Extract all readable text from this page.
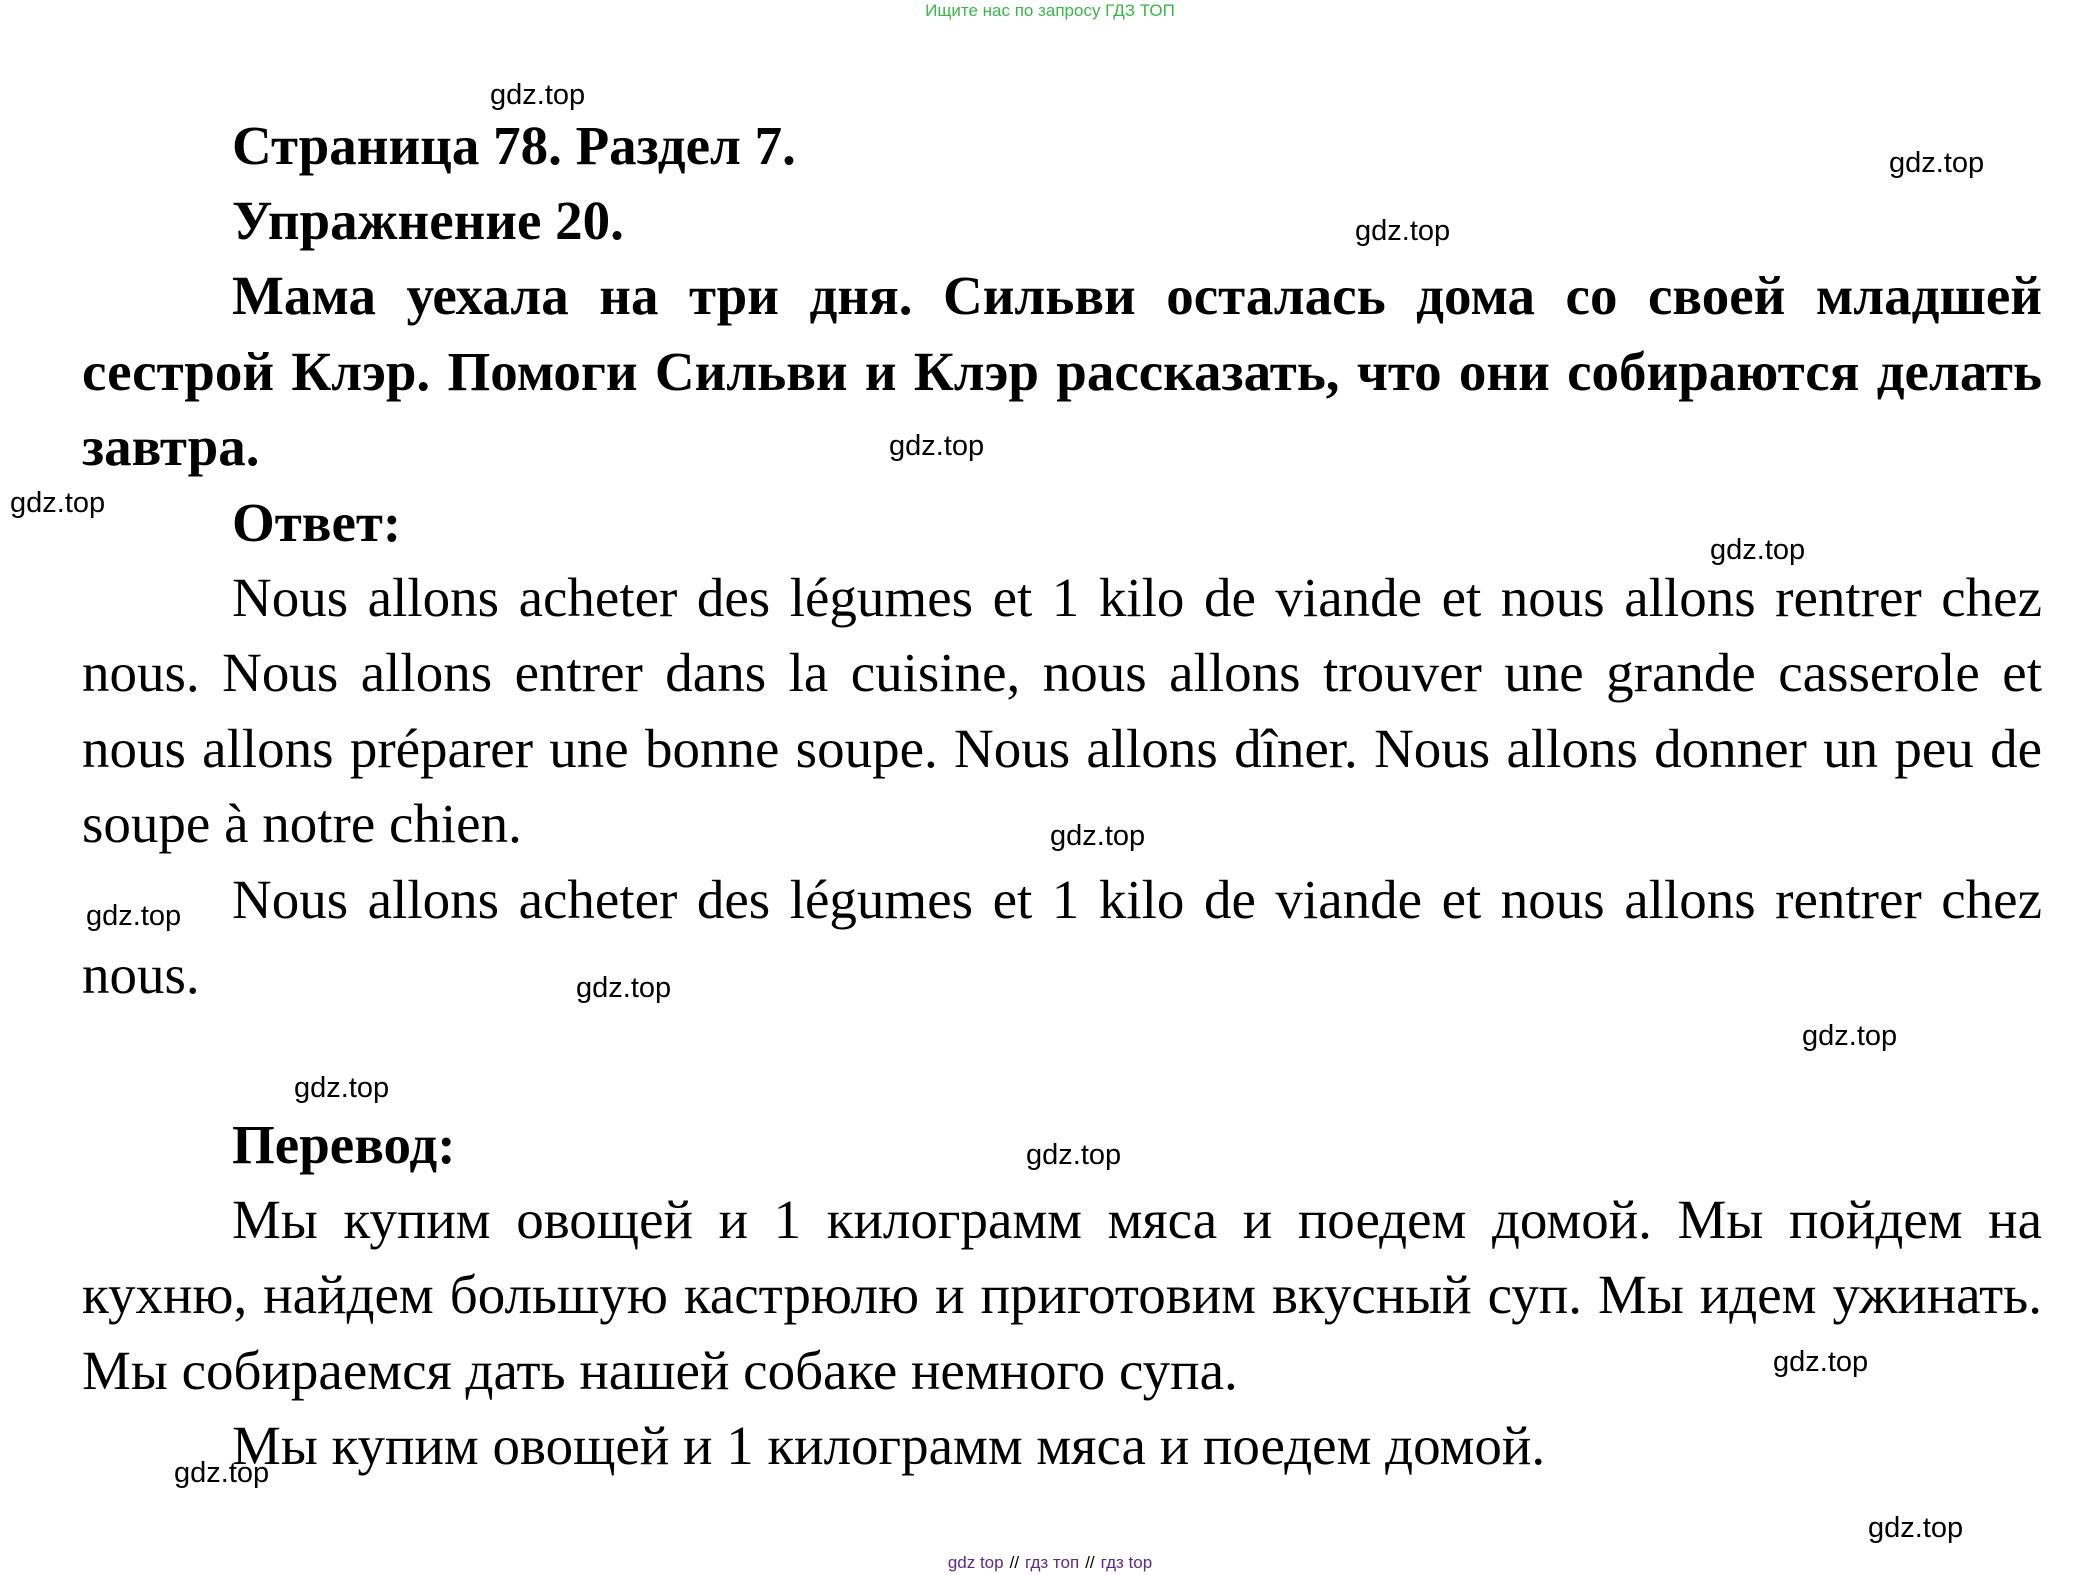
Ищите нас по запросу ГДЗ ТОП
Страница 78. Раздел 7.
Упражнение 20.

Мама уехала на три дня. Сильви осталась дома со своей младшей сестрой Клэр. Помоги Сильви и Клэр рассказать, что они собираются делать завтра.

Ответ:

Nous allons acheter des légumes et 1 kilo de viande et nous allons rentrer chez nous. Nous allons entrer dans la cuisine, nous allons trouver une grande casserole et nous allons préparer une bonne soupe. Nous allons dîner. Nous allons donner un peu de soupe à notre chien.

Nous allons acheter des légumes et 1 kilo de viande et nous allons rentrer chez nous.

Перевод:

Мы купим овощей и 1 килограмм мяса и поедем домой. Мы пойдем на кухню, найдем большую кастрюлю и приготовим вкусный суп. Мы идем ужинать. Мы собираемся дать нашей собаке немного супа.

Мы купим овощей и 1 килограмм мяса и поедем домой.

gdz.top
gdz.top
gdz.top
gdz.top
gdz.top
gdz.top
gdz.top
gdz.top
gdz.top
gdz.top
gdz.top
gdz.top
gdz.top
gdz.top
gdz.top
gdz top // гдз топ // гдз top
